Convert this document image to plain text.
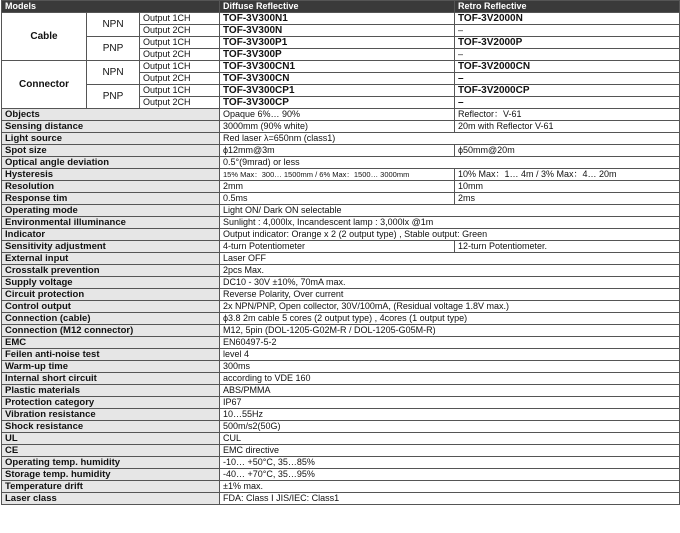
Models			Diffuse Reflective	Retro Reflective
Cable	NPN	Output 1CH	TOF-3V300N1	TOF-3V2000N
		Output 2CH	TOF-3V300N	–
	PNP	Output 1CH	TOF-3V300P1	TOF-3V2000P
		Output 2CH	TOF-3V300P	–
Connector	NPN	Output 1CH	TOF-3V300CN1	TOF-3V2000CN
		Output 2CH	TOF-3V300CN	–
	PNP	Output 1CH	TOF-3V300CP1	TOF-3V2000CP
		Output 2CH	TOF-3V300CP	–
Objects			Opaque 6%… 90%	Reflector：V-61
Sensing distance			3000mm (90% white)	20m with Reflector V-61
Light source			Red laser λ=650nm (class1)	
Spot size			ϕ12mm@3m	ϕ50mm@20m
Optical angle deviation			0.5°(9mrad) or less	
Hysteresis			15% Max：300… 1500mm / 6% Max：1500… 3000mm	10% Max：1… 4m / 3% Max：4… 20m
Resolution			2mm	10mm
Response tim			0.5ms	2ms
Operating mode			Light ON/ Dark ON selectable	
Environmental illuminance			Sunlight : 4,000lx, Incandescent lamp : 3,000lx @1m	
Indicator			Output indicator: Orange x 2 (2 output type) , Stable output: Green	
Sensitivity adjustment			4-turn Potentiometer	12-turn Potentiometer.
External input			Laser OFF	
Crosstalk prevention			2pcs Max.	
Supply voltage			DC10 - 30V ±10%, 70mA max.	
Circuit protection			Reverse Polarity, Over current	
Control output			2x NPN/PNP, Open collector, 30V/100mA, (Residual voltage 1.8V max.)	
Connection (cable)			ϕ3.8 2m cable 5 cores (2 output type) , 4cores (1 output type)	
Connection (M12 connector)			M12, 5pin (DOL-1205-G02M-R / DOL-1205-G05M-R)	
EMC			EN60497-5-2	
Feilen anti-noise test			level 4	
Warm-up time			300ms	
Internal short circuit			according to VDE 160	
Plastic materials			ABS/PMMA	
Protection category			IP67	
Vibration resistance			10…55Hz	
Shock resistance			500m/s2(50G)	
UL			CUL	
CE			EMC directive	
Operating temp. humidity			-10… +50°C, 35…85%	
Storage temp. humidity			-40… +70°C, 35…95%	
Temperature drift			±1% max.	
Laser class			FDA: Class Ⅰ JIS/IEC: Class1	
